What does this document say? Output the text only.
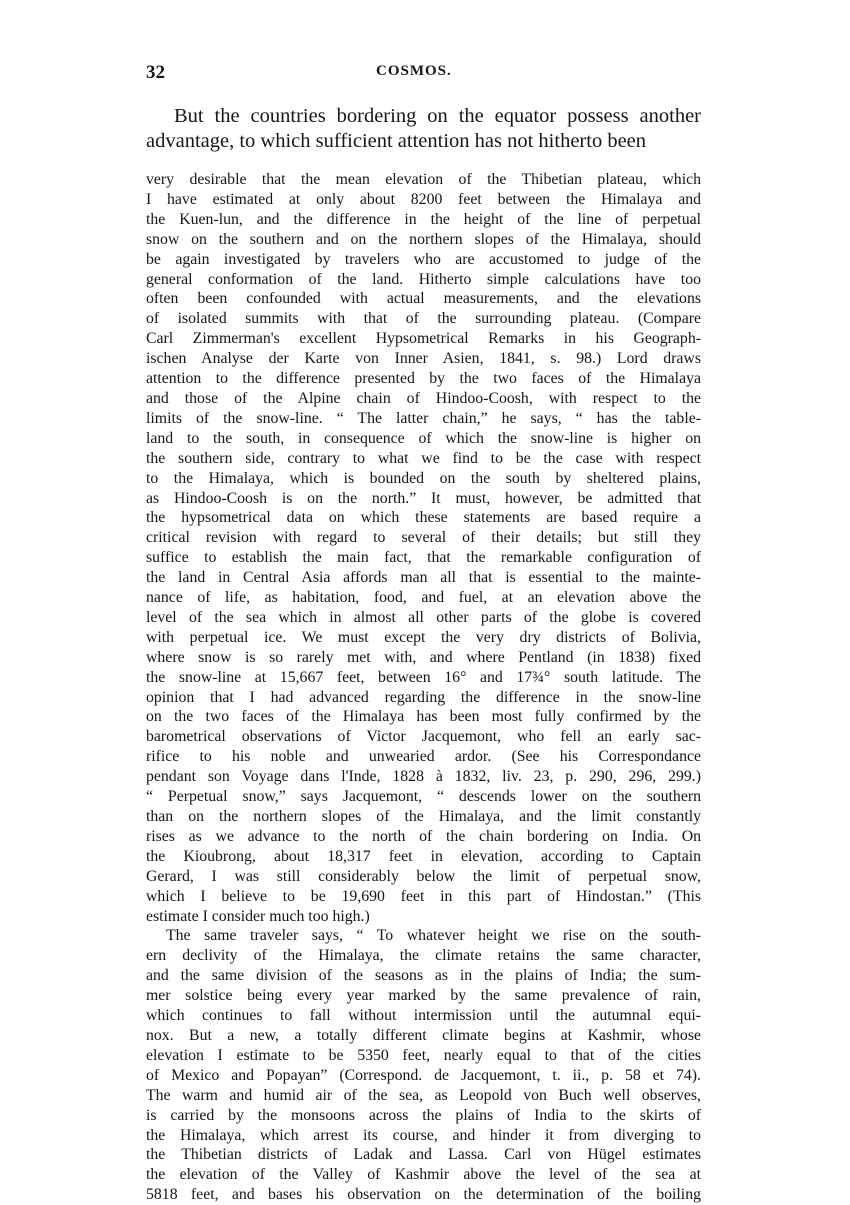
32	COSMOS.

But the countries bordering on the equator possess another advantage, to which sufficient attention has not hitherto been

very desirable that the mean elevation of the Thibetian plateau, which

I have estimated at only about 8200 feet between the Himalaya and

the Kuen-lun, and the difference in the height of the line of perpetual

snow on the southern and on the northern slopes of the Himalaya, should

be again investigated by travelers who are accustomed to judge of the

general conformation of the land. Hitherto simple calculations have too

often been confounded with actual measurements, and the elevations

of isolated summits with that of the surrounding plateau. (Compare

Carl Zimmerman's excellent Hypsometrical Remarks in his Geograph-

ischen Analyse der Karte von Inner Asien, 1841, s. 98.) Lord draws

attention to the difference presented by the two faces of the Himalaya

and those of the Alpine chain of Hindoo-Coosh, with respect to the

limits of the snow-line. “ The latter chain,” he says, “ has the table-

land to the south, in consequence of which the snow-line is higher on

the southern side, contrary to what we find to be the case with respect

to the Himalaya, which is bounded on the south by sheltered plains,

as Hindoo-Coosh is on the north.” It must, however, be admitted that

the hypsometrical data on which these statements are based require a

critical revision with regard to several of their details; but still they

suffice to establish the main fact, that the remarkable configuration of

the land in Central Asia affords man all that is essential to the mainte-

nance of life, as habitation, food, and fuel, at an elevation above the

level of the sea which in almost all other parts of the globe is covered

with perpetual ice. We must except the very dry districts of Bolivia,

where snow is so rarely met with, and where Pentland (in 1838) fixed

the snow-line at 15,667 feet, between 16° and 17¾° south latitude. The

opinion that I had advanced regarding the difference in the snow-line

on the two faces of the Himalaya has been most fully confirmed by the

barometrical observations of Victor Jacquemont, who fell an early sac-

rifice to his noble and unwearied ardor. (See his Correspondance

pendant son Voyage dans l'Inde, 1828 à 1832, liv. 23, p. 290, 296, 299.)

“ Perpetual snow,” says Jacquemont, “ descends lower on the southern

than on the northern slopes of the Himalaya, and the limit constantly

rises as we advance to the north of the chain bordering on India. On

the Kioubrong, about 18,317 feet in elevation, according to Captain

Gerard, I was still considerably below the limit of perpetual snow,

which I believe to be 19,690 feet in this part of Hindostan.” (This

estimate I consider much too high.)

The same traveler says, “ To whatever height we rise on the south-

ern declivity of the Himalaya, the climate retains the same character,

and the same division of the seasons as in the plains of India; the sum-

mer solstice being every year marked by the same prevalence of rain,

which continues to fall without intermission until the autumnal equi-

nox. But a new, a totally different climate begins at Kashmir, whose

elevation I estimate to be 5350 feet, nearly equal to that of the cities

of Mexico and Popayan” (Correspond. de Jacquemont, t. ii., p. 58 et 74).

The warm and humid air of the sea, as Leopold von Buch well observes,

is carried by the monsoons across the plains of India to the skirts of

the Himalaya, which arrest its course, and hinder it from diverging to

the Thibetian districts of Ladak and Lassa. Carl von Hügel estimates

the elevation of the Valley of Kashmir above the level of the sea at

5818 feet, and bases his observation on the determination of the boiling
